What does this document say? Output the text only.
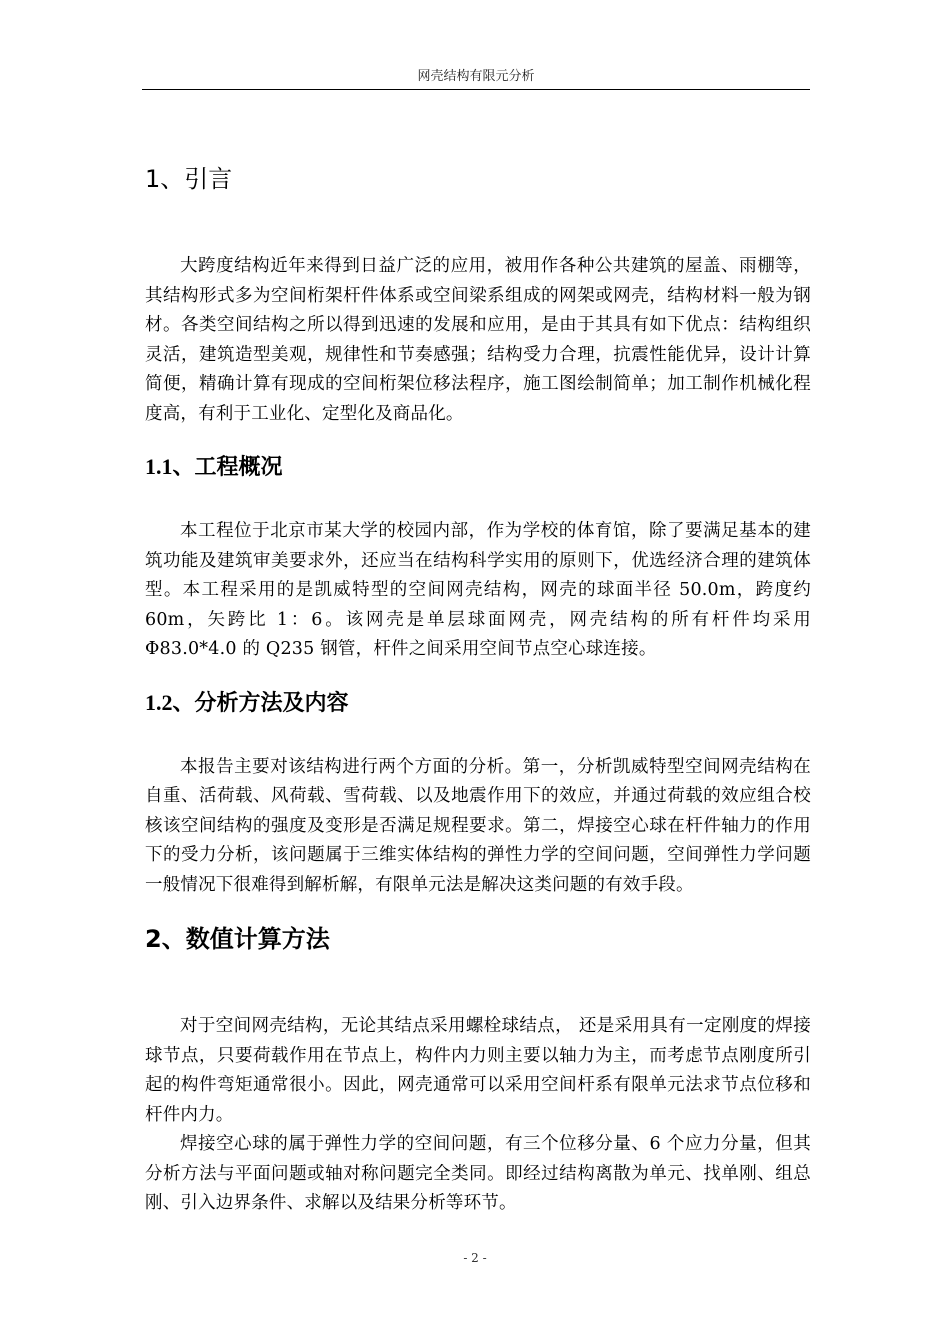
网壳结构有限元分析
1、引言

大跨度结构近年来得到日益广泛的应用，被用作各种公共建筑的屋盖、雨棚等，其结构形式多为空间桁架杆件体系或空间梁系组成的网架或网壳，结构材料一般为钢材。各类空间结构之所以得到迅速的发展和应用，是由于其具有如下优点：结构组织灵活，建筑造型美观，规律性和节奏感强；结构受力合理，抗震性能优异，设计计算简便，精确计算有现成的空间桁架位移法程序，施工图绘制简单；加工制作机械化程度高，有利于工业化、定型化及商品化。

1.1、工程概况

本工程位于北京市某大学的校园内部，作为学校的体育馆，除了要满足基本的建筑功能及建筑审美要求外，还应当在结构科学实用的原则下，优选经济合理的建筑体型。本工程采用的是凯威特型的空间网壳结构，网壳的球面半径 50.0m，跨度约 60m，矢跨比 1：6。该网壳是单层球面网壳，网壳结构的所有杆件均采用Φ83.0*4.0 的 Q235 钢管，杆件之间采用空间节点空心球连接。

1.2、分析方法及内容

本报告主要对该结构进行两个方面的分析。第一，分析凯威特型空间网壳结构在自重、活荷载、风荷载、雪荷载、以及地震作用下的效应，并通过荷载的效应组合校核该空间结构的强度及变形是否满足规程要求。第二，焊接空心球在杆件轴力的作用下的受力分析，该问题属于三维实体结构的弹性力学的空间问题，空间弹性力学问题一般情况下很难得到解析解，有限单元法是解决这类问题的有效手段。

2、数值计算方法

对于空间网壳结构，无论其结点采用螺栓球结点， 还是采用具有一定刚度的焊接球节点，只要荷载作用在节点上，构件内力则主要以轴力为主，而考虑节点刚度所引起的构件弯矩通常很小。因此，网壳通常可以采用空间杆系有限单元法求节点位移和杆件内力。

焊接空心球的属于弹性力学的空间问题，有三个位移分量、6 个应力分量，但其分析方法与平面问题或轴对称问题完全类同。即经过结构离散为单元、找单刚、组总刚、引入边界条件、求解以及结果分析等环节。

- 2 -
